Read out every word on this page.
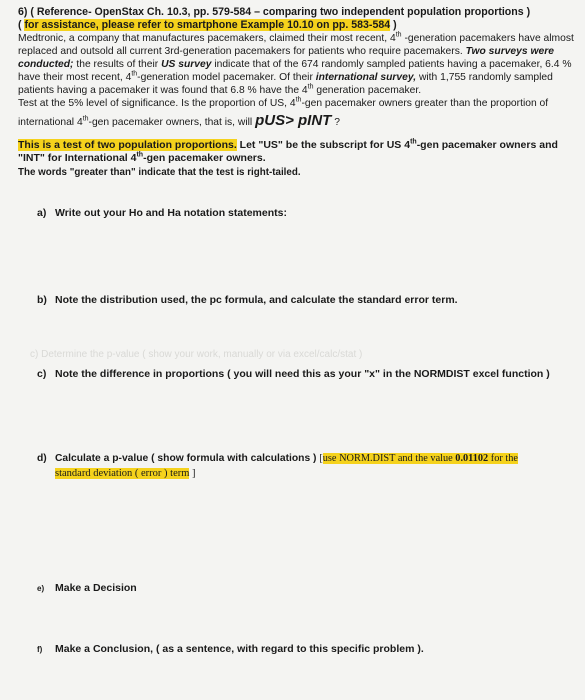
6) ( Reference- OpenStax Ch. 10.3, pp. 579-584 – comparing two independent population proportions )
( for assistance, please refer to smartphone Example 10.10 on pp. 583-584 )
Medtronic, a company that manufactures pacemakers, claimed their most recent, 4th -generation pacemakers have almost
replaced and outsold all current 3rd-generation pacemakers for patients who require pacemakers. Two surveys were
conducted; the results of their US survey indicate that of the 674 randomly sampled patients having a pacemaker, 6.4 %
have their most recent, 4th-generation model pacemaker. Of their international survey, with 1,755 randomly sampled
patients having a pacemaker it was found that 6.8 % have the 4th generation pacemaker.
Test at the 5% level of significance. Is the proportion of US, 4th-gen pacemaker owners greater than the proportion of
international 4th-gen pacemaker owners, that is, will pUS> pINT ?
This is a test of two population proportions. Let "US" be the subscript for US 4th-gen pacemaker owners and
"INT" for International 4th-gen pacemaker owners.
The words "greater than" indicate that the test is right-tailed.
a) Write out your Ho and Ha notation statements:
b) Note the distribution used, the pc formula, and calculate the standard error term.
c) Determine the p-value ( show your work, manually or via excel/calc/stat )
c) Note the difference in proportions ( you will need this as your "x" in the NORMDIST excel function )
d) Calculate a p-value ( show formula with calculations ) [use NORM.DIST and the value 0.01102 for the
standard deviation ( error ) term ]
e) Make a Decision
f) Make a Conclusion, ( as a sentence, with regard to this specific problem ).
